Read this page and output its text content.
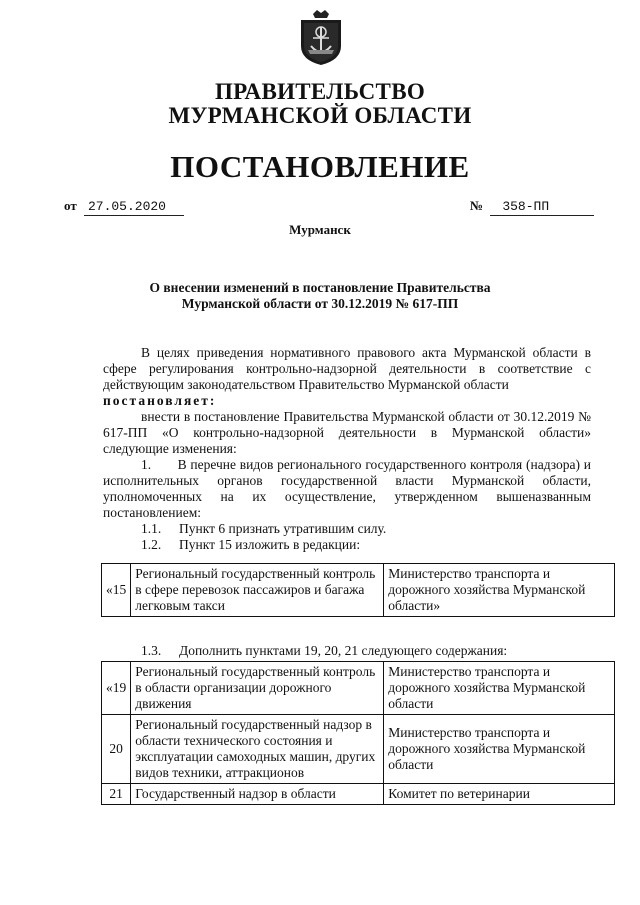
ПРАВИТЕЛЬСТВО
МУРМАНСКОЙ ОБЛАСТИ
ПОСТАНОВЛЕНИЕ
от 27.05.2020	№ 358-ПП
Мурманск
О внесении изменений в постановление Правительства
Мурманской области от 30.12.2019 № 617-ПП

В целях приведения нормативного правового акта Мурманской области в сфере регулирования контрольно-надзорной деятельности в соответствие с действующим законодательством Правительство Мурманской области
постановляет:

внести в постановление Правительства Мурманской области от 30.12.2019 № 617-ПП «О контрольно-надзорной деятельности в Мурманской области» следующие изменения:

1. В перечне видов регионального государственного контроля (надзора) и исполнительных органов государственной власти Мурманской области, уполномоченных на их осуществление, утвержденном вышеназванным постановлением:

1.1. Пункт 6 признать утратившим силу.

1.2. Пункт 15 изложить в редакции:

«15	Региональный государственный контроль в сфере перевозок пассажиров и багажа легковым такси	Министерство транспорта и дорожного хозяйства Мурманской области»

1.3. Дополнить пунктами 19, 20, 21 следующего содержания:

«19	Региональный государственный контроль в области организации дорожного движения	Министерство транспорта и дорожного хозяйства Мурманской области
20	Региональный государственный надзор в области технического состояния и эксплуатации самоходных машин, других видов техники, аттракционов	Министерство транспорта и дорожного хозяйства Мурманской области
21	Государственный надзор в области	Комитет по ветеринарии
